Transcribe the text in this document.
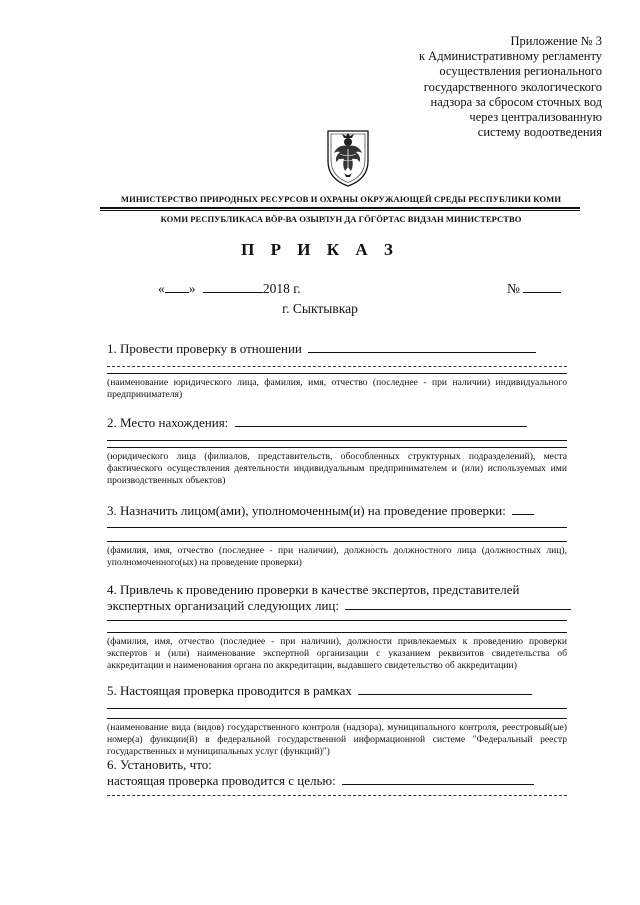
Приложение № 3
к Административному регламенту
осуществления регионального
государственного экологического
надзора за сбросом сточных вод
через централизованную
систему водоотведения
МИНИСТЕРСТВО ПРИРОДНЫХ РЕСУРСОВ И ОХРАНЫ ОКРУЖАЮЩЕЙ СРЕДЫ РЕСПУБЛИКИ КОМИ
КОМИ РЕСПУБЛИКАСА ВÖР-ВА ОЗЫРЛУН ДА ГÖГÖРТАС ВИДЗАН МИНИСТЕРСТВО
П Р И К А З
« »	2018 г.	№
г. Сыктывкар
1. Провести проверку в отношении
(наименование юридического лица, фамилия, имя, отчество (последнее - при наличии) индивидуального предпринимателя)
2. Место нахождения:
(юридического лица (филиалов, представительств, обособленных структурных подразделений), места фактического осуществления деятельности индивидуальным предпринимателем и (или) используемых ими производственных объектов)
3. Назначить лицом(ами), уполномоченным(и) на проведение проверки:
(фамилия, имя, отчество (последнее - при наличии), должность должностного лица (должностных лиц), уполномоченного(ых) на проведение проверки)
4. Привлечь к проведению проверки в качестве экспертов, представителей
экспертных организаций следующих лиц:
(фамилия, имя, отчество (последнее - при наличии), должности привлекаемых к проведению проверки экспертов и (или) наименование экспертной организации с указанием реквизитов свидетельства об аккредитации и наименования органа по аккредитации, выдавшего свидетельство об аккредитации)
5. Настоящая проверка проводится в рамках
(наименование вида (видов) государственного контроля (надзора), муниципального контроля, реестровый(ые) номер(а) функции(й) в федеральной государственной информационной системе "Федеральный реестр государственных и муниципальных услуг (функций)")
6. Установить, что:
настоящая проверка проводится с целью:
